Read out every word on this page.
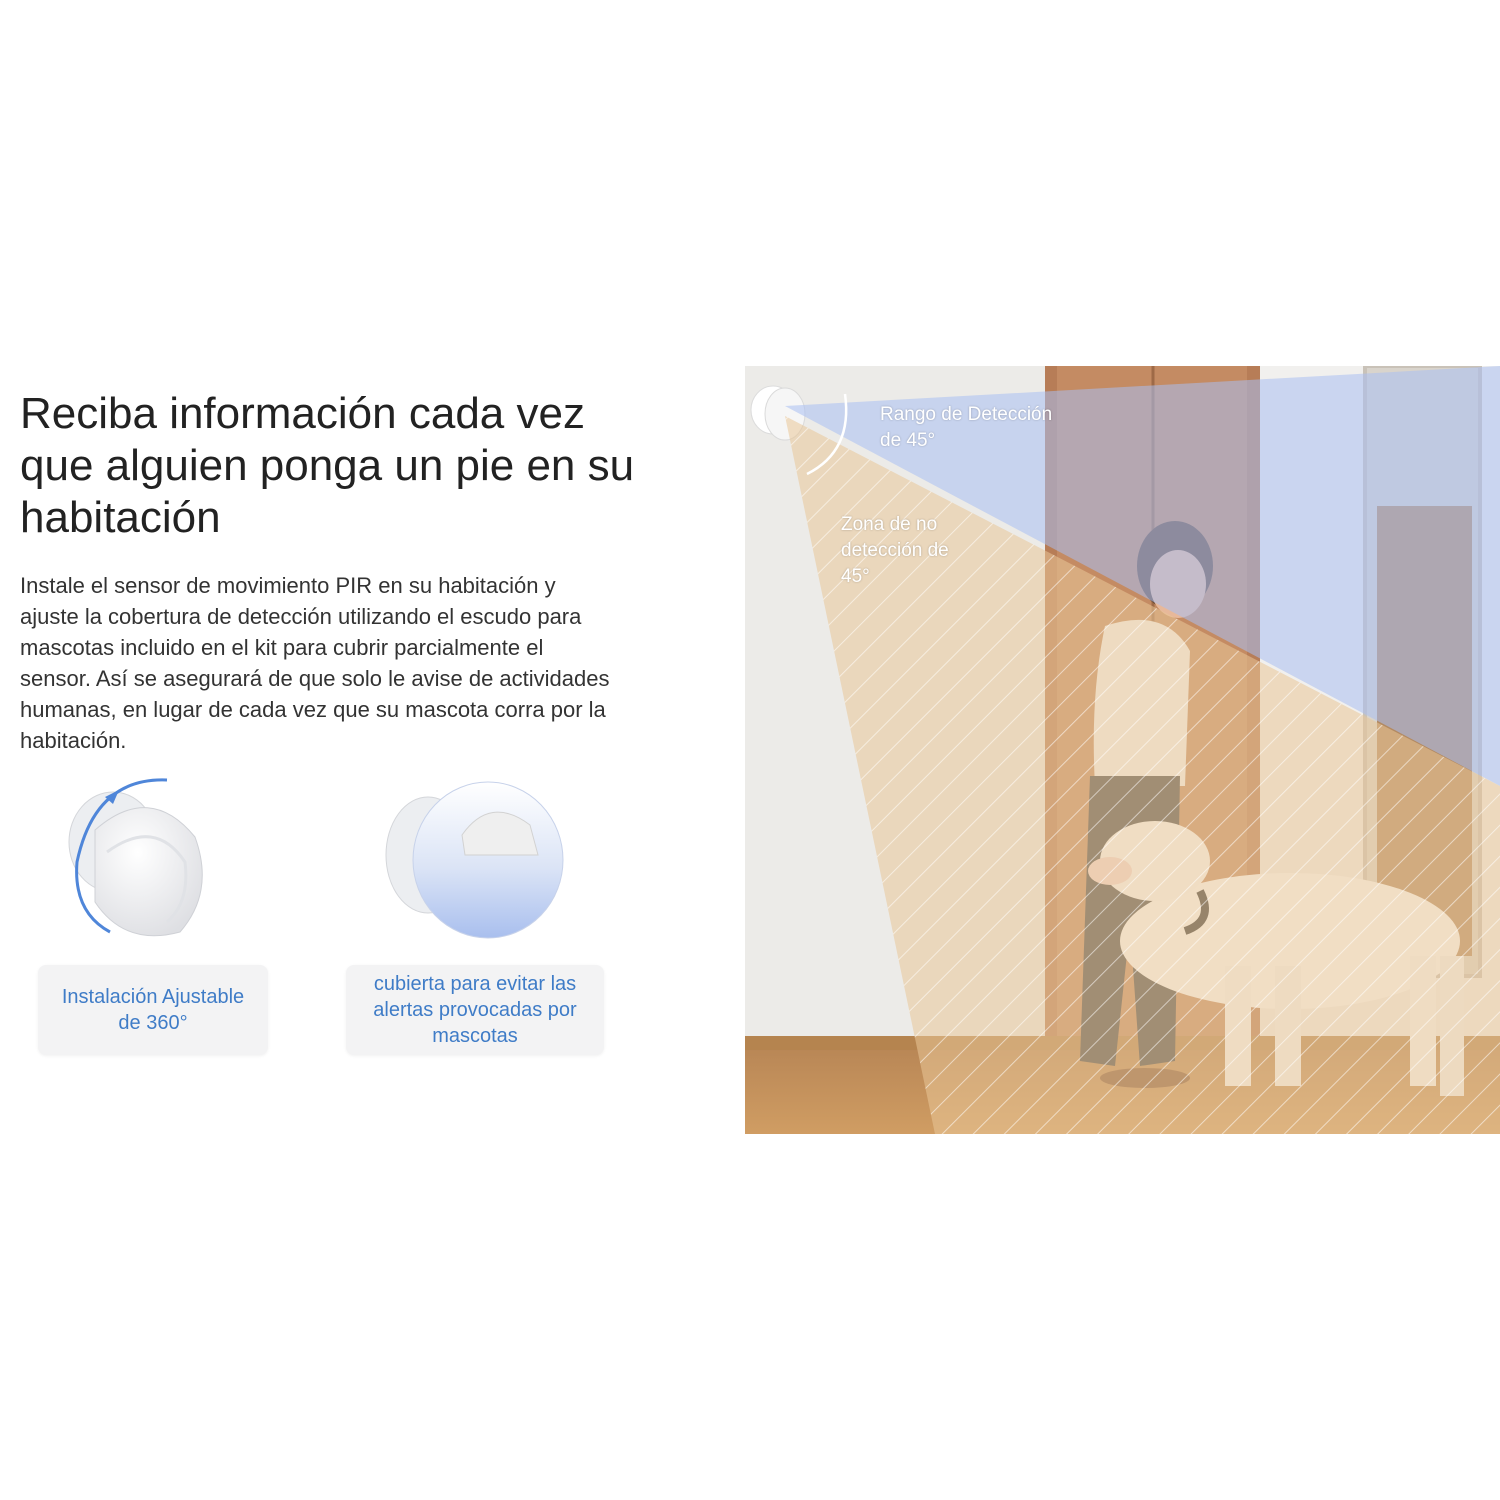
Reciba información cada vez que alguien ponga un pie en su habitación

Instale el sensor de movimiento PIR en su habitación y ajuste la cobertura de detección utilizando el escudo para mascotas incluido en el kit para cubrir parcialmente el sensor. Así se asegurará de que solo le avise de actividades humanas, en lugar de cada vez que su mascota corra por la habitación.

Instalación Ajustable de 360°
cubierta para evitar las alertas provocadas por mascotas
Rango de Detección
de 45°
Zona de no
detección de
45°
